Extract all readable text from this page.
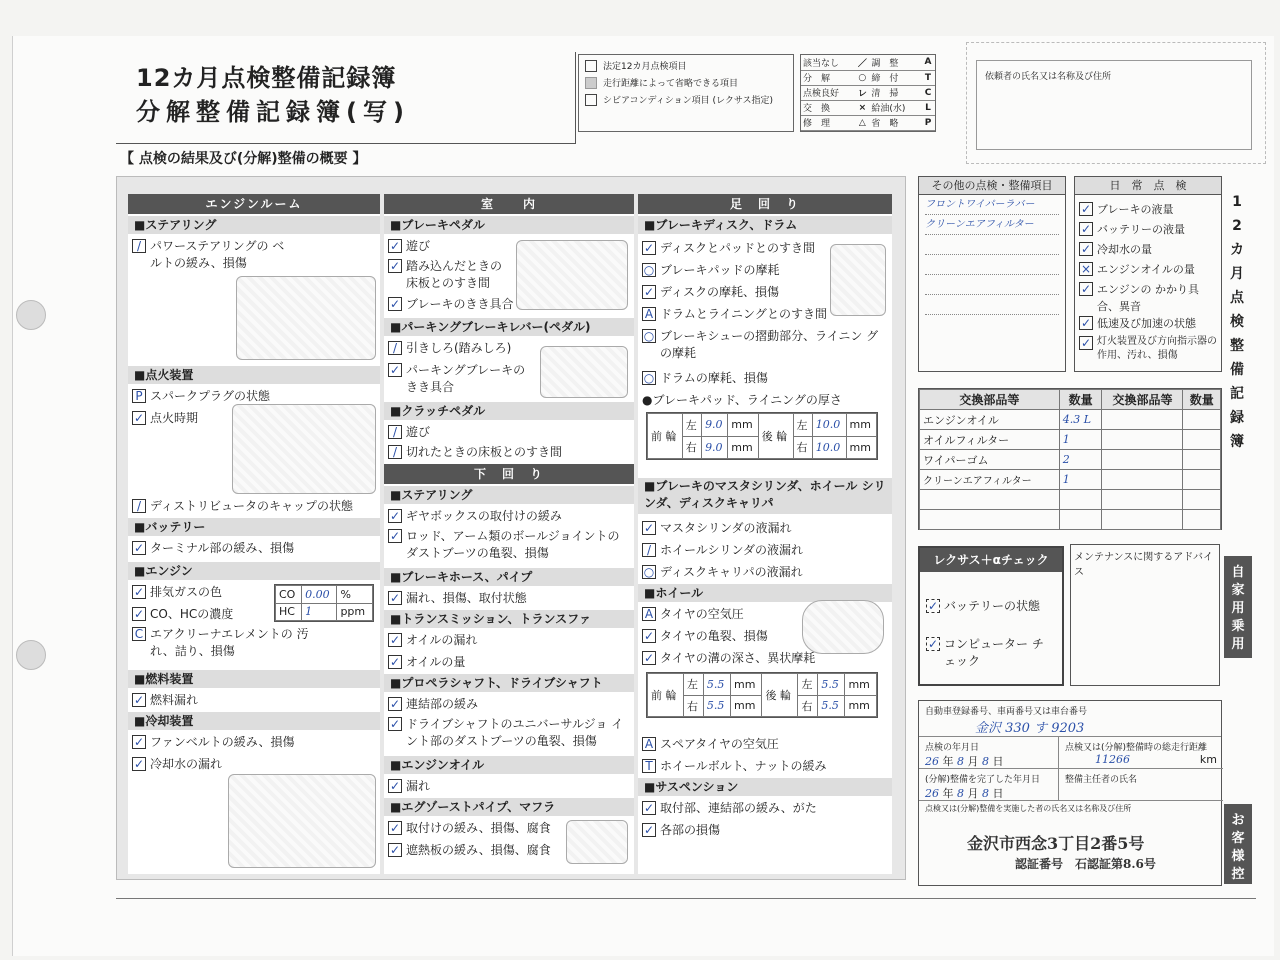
12カ月点検整備記録簿
分解整備記録簿(写)
法定12カ月点検項目
走行距離によって省略できる項目
シビアコンディション項目 (レクサス指定)
該当なし	／	調　整	A
分　解	○	締　付	T
点検良好	レ	清　掃	C
交　換	×	給油(水)	L
修　理	△	省　略	P
依頼者の氏名又は名称及び住所
【 点検の結果及び(分解)整備の概要 】
エンジンルーム
■ステアリング
/ パワーステアリングの ベルトの緩み、損傷
■点火装置
P スパークプラグの状態
✓ 点火時期
/ ディストリビュータのキャップの状態
■バッテリー
✓ ターミナル部の緩み、損傷
■エンジン
✓ 排気ガスの色
✓ CO、HCの濃度
CO	0.00	%
HC	1	ppm
C エアクリーナエレメントの 汚れ、詰り、損傷
■燃料装置
✓ 燃料漏れ
■冷却装置
✓ ファンベルトの緩み、損傷
✓ 冷却水の漏れ
室　　内
■ブレーキペダル
✓ 遊び
✓ 踏み込んだときの 床板とのすき間
✓ ブレーキのきき具合
■パーキングブレーキレバー(ペダル)
/ 引きしろ(踏みしろ)
✓ パーキングブレーキの きき具合
■クラッチペダル
/ 遊び
/ 切れたときの床板とのすき間
下　回　り
■ステアリング
✓ ギヤボックスの取付けの緩み
✓ ロッド、アーム類のボールジョイントの ダストブーツの亀裂、損傷
■ブレーキホース、パイプ
✓ 漏れ、損傷、取付状態
■トランスミッション、トランスファ
✓ オイルの漏れ
✓ オイルの量
■プロペラシャフト、ドライブシャフト
✓ 連結部の緩み
✓ ドライブシャフトのユニバーサルジョ イント部のダストブーツの亀裂、損傷
■エンジンオイル
✓ 漏れ
■エグゾーストパイプ、マフラ
✓ 取付けの緩み、損傷、腐食
✓ 遮熱板の緩み、損傷、腐食
足　回　り
■ブレーキディスク、ドラム
✓ ディスクとパッドとのすき間
○ ブレーキパッドの摩耗
✓ ディスクの摩耗、損傷
A ドラムとライニングとのすき間
○ ブレーキシューの摺動部分、ライニン グの摩耗
○ ドラムの摩耗、損傷
●ブレーキパッド、ライニングの厚さ
前 輪	左	9.0	mm	後 輪	左	10.0	mm
	右	9.0	mm		右	10.0	mm
■ブレーキのマスタシリンダ、ホイール シリンダ、ディスクキャリパ
✓ マスタシリンダの液漏れ
/ ホイールシリンダの液漏れ
○ ディスクキャリパの液漏れ
■ホイール
A タイヤの空気圧
✓ タイヤの亀裂、損傷
✓ タイヤの溝の深さ、異状摩耗
前 輪	左	5.5	mm	後 輪	左	5.5	mm
	右	5.5	mm		右	5.5	mm
A スペアタイヤの空気圧
T ホイールボルト、ナットの緩み
■サスペンション
✓ 取付部、連結部の緩み、がた
✓ 各部の損傷
その他の点検・整備項目
フロントワイパーラバー
クリーンエアフィルター
日　常　点　検
✓ ブレーキの液量
✓ バッテリーの液量
✓ 冷却水の量
× エンジンオイルの量
✓ エンジンの かかり具合、異音
✓ 低速及び加速の状態
✓ 灯火装置及び方向指示器の 作用、汚れ、損傷
1
2
カ
月
点
検
整
備
記
録
簿
交換部品等	数量	交換部品等	数量
エンジンオイル	4.3 L		
オイルフィルター	1		
ワイパーゴム	2		
クリーンエアフィルター	1		

レクサス＋αチェック
✓ バッテリーの状態
✓ コンピューター チェック
メンテナンスに関するアドバイス	自
家
用
乗
用
お
客
様
控
自動車登録番号、車両番号又は車台番号
金沢 330 す 9203
点検の年月日
26 年 8 月 8 日
点検又は(分解)整備時の総走行距離
11266	km
(分解)整備を完了した年月日
26 年 8 月 8 日
整備主任者の氏名
点検又は(分解)整備を実施した者の氏名又は名称及び住所
金沢市西念3丁目2番5号
認証番号　石認証第8.6号
